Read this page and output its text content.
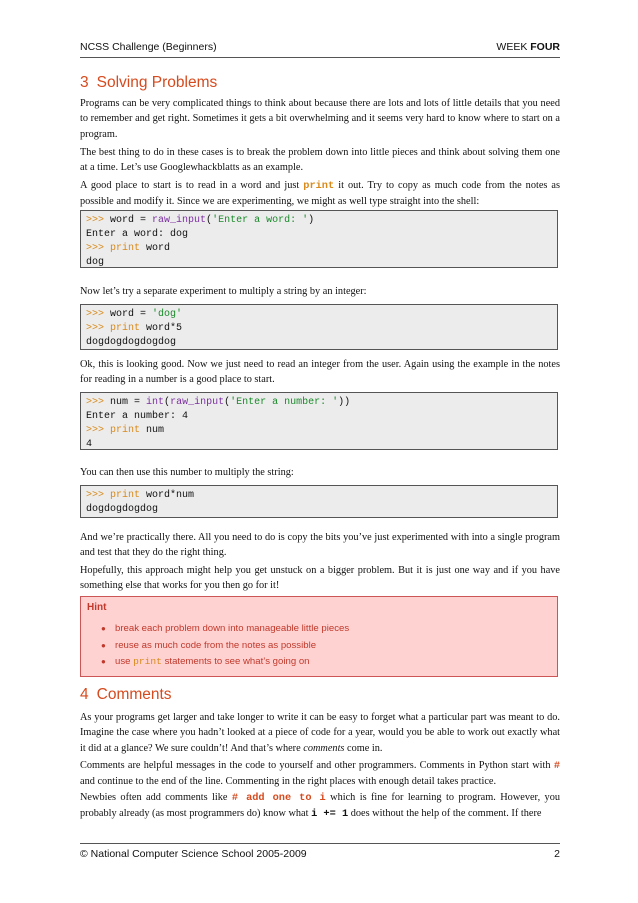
NCSS Challenge (Beginners)	WEEK FOUR
3 Solving Problems

Programs can be very complicated things to think about because there are lots and lots of little details that you need to remember and get right. Sometimes it gets a bit overwhelming and it seems very hard to know where to start on a program.

The best thing to do in these cases is to break the problem down into little pieces and think about solving them one at a time. Let’s use Googlewhackblatts as an example.

A good place to start is to read in a word and just print it out. Try to copy as much code from the notes as possible and modify it. Since we are experimenting, we might as well type straight into the shell:

>>> word = raw_input('Enter a word: ')
Enter a word: dog
>>> print word
dog

Now let’s try a separate experiment to multiply a string by an integer:

>>> word = 'dog'
>>> print word*5
dogdogdogdogdog

Ok, this is looking good. Now we just need to read an integer from the user. Again using the example in the notes for reading in a number is a good place to start.

>>> num = int(raw_input('Enter a number: '))
Enter a number: 4
>>> print num
4

You can then use this number to multiply the string:

>>> print word*num
dogdogdogdog

And we’re practically there. All you need to do is copy the bits you’ve just experimented with into a single program and test that they do the right thing.

Hopefully, this approach might help you get unstuck on a bigger problem. But it is just one way and if you have something else that works for you then go for it!

Hint
● break each problem down into manageable little pieces
● reuse as much code from the notes as possible
● use print statements to see what’s going on
4 Comments

As your programs get larger and take longer to write it can be easy to forget what a particular part was meant to do. Imagine the case where you hadn’t looked at a piece of code for a year, would you be able to work out exactly what it did at a glance? We sure couldn’t! And that’s where comments come in.

Comments are helpful messages in the code to yourself and other programmers. Comments in Python start with # and continue to the end of the line. Commenting in the right places with enough detail takes practice.

Newbies often add comments like # add one to i which is fine for learning to program. However, you probably already (as most programmers do) know what i += 1 does without the help of the comment. If there

© National Computer Science School 2005-2009	2
